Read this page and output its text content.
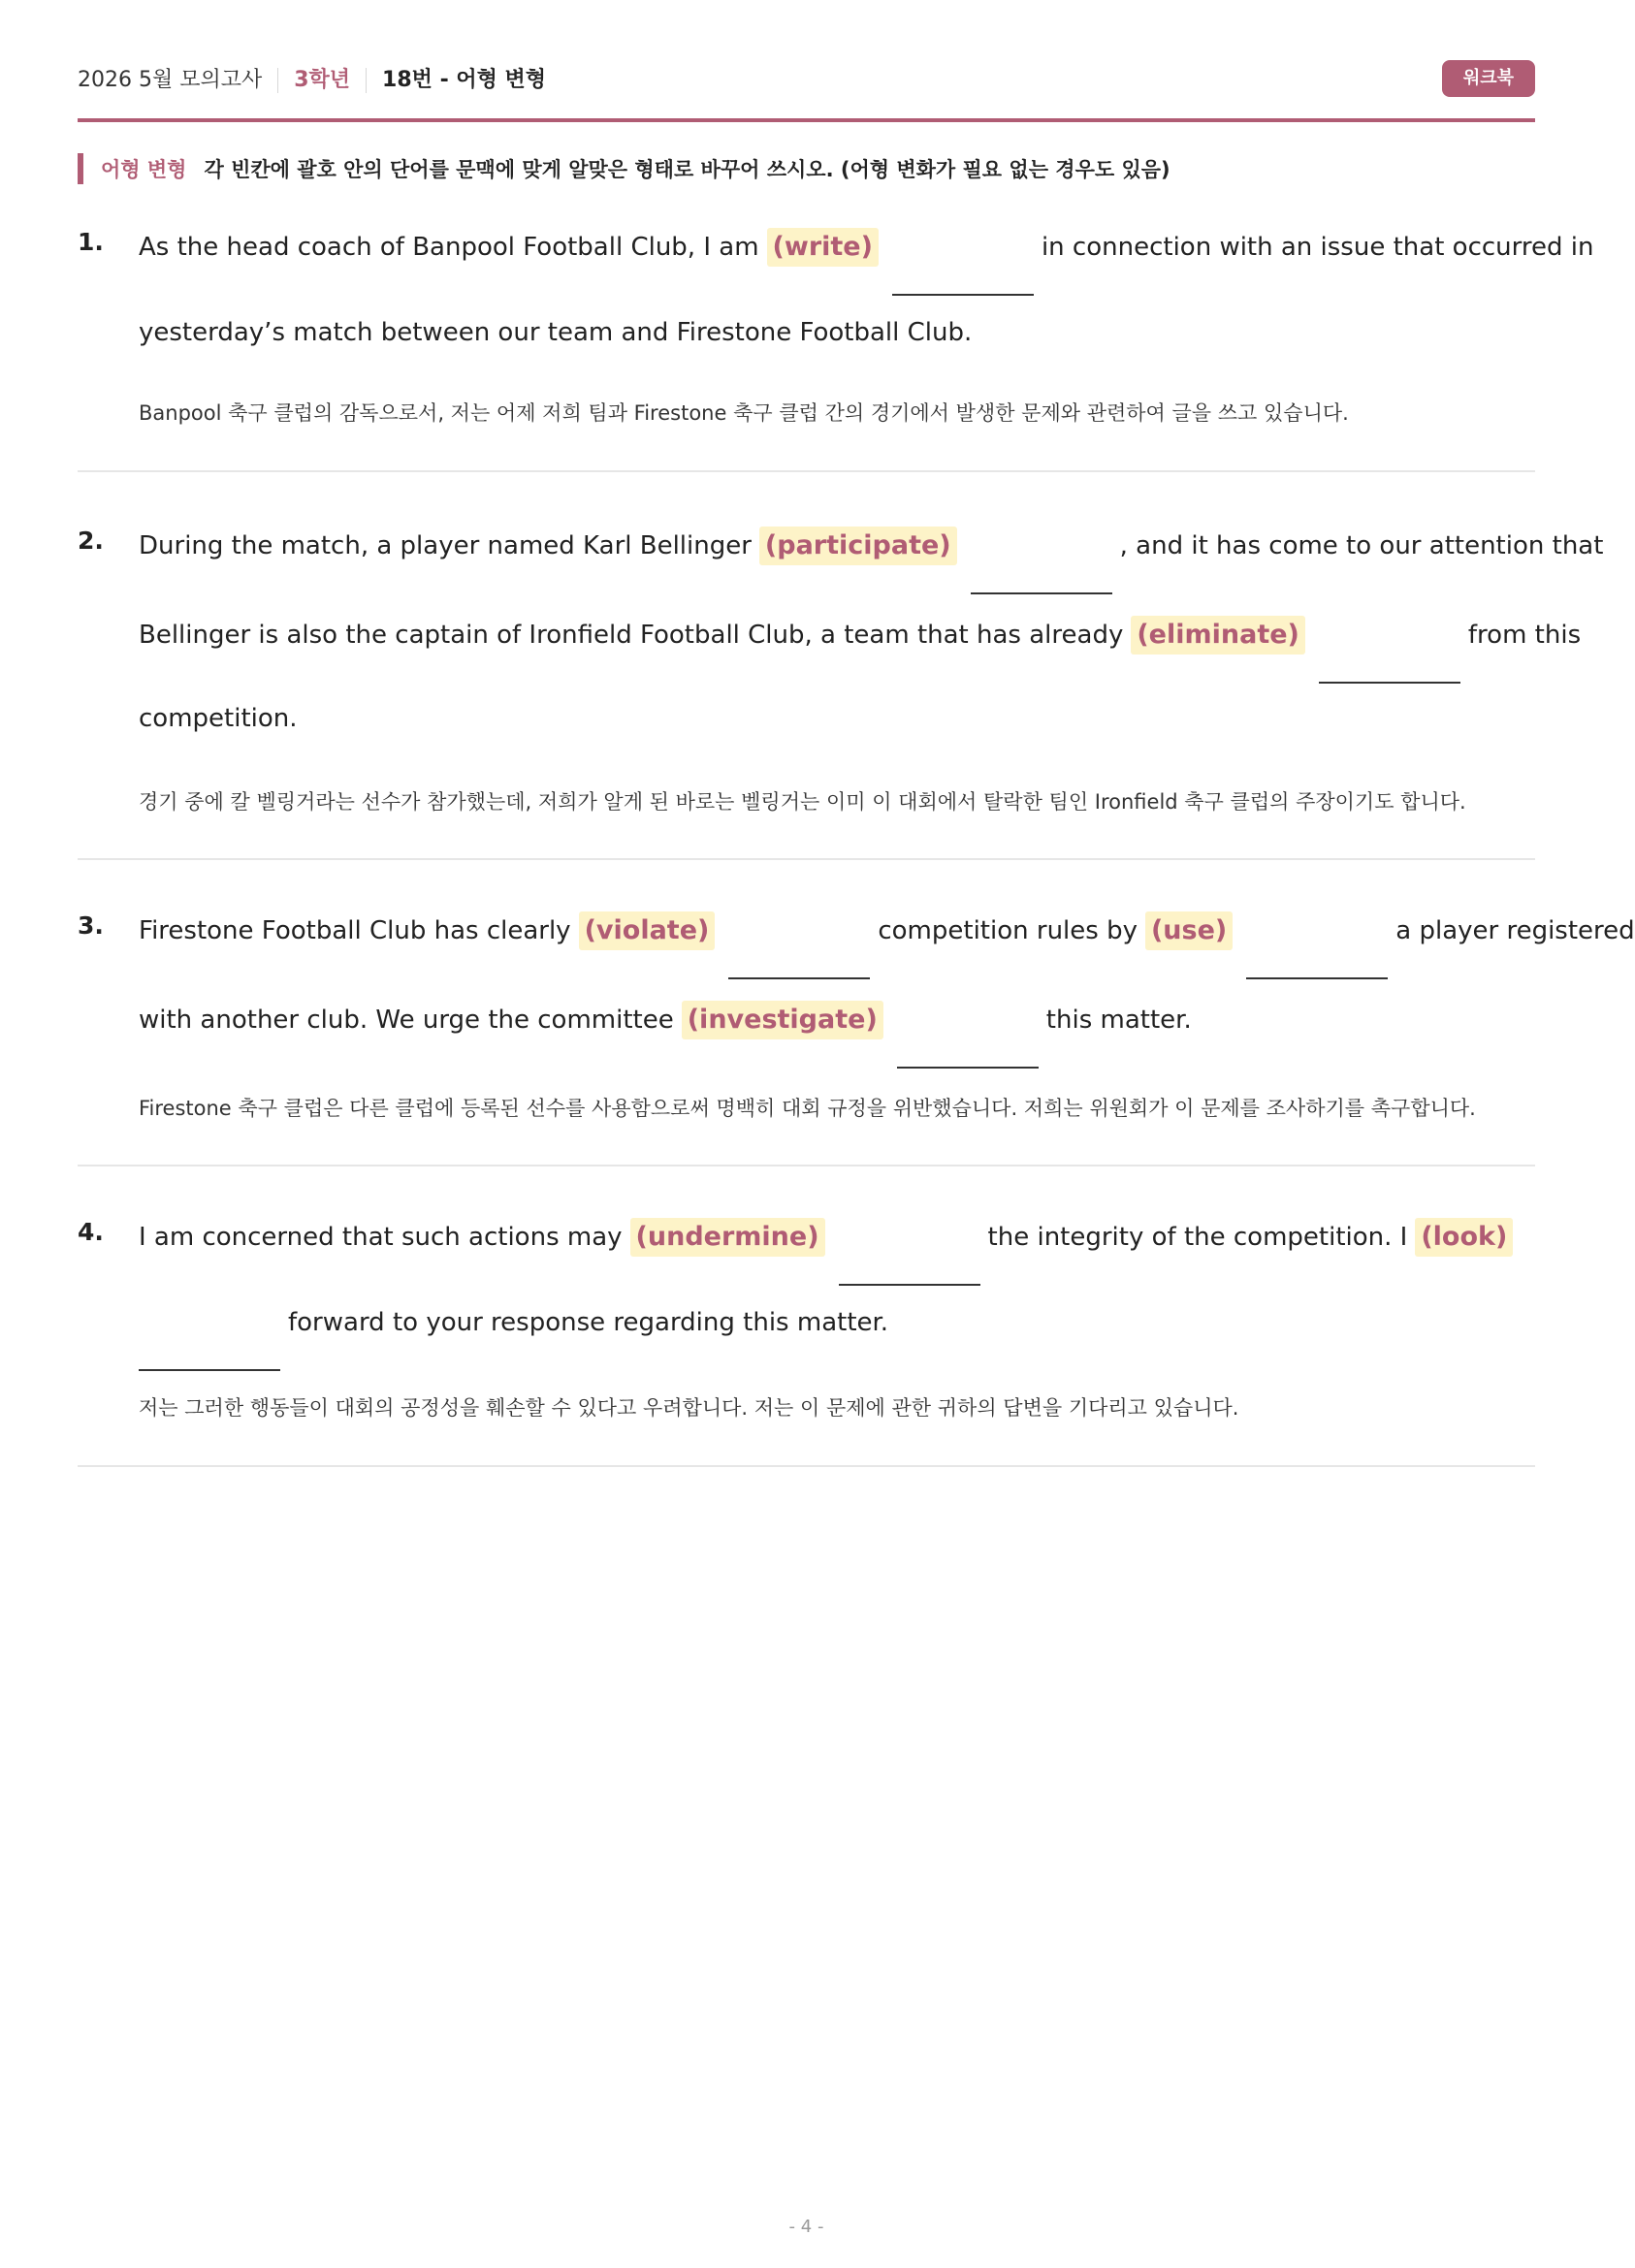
2026 5월 모의고사 3학년 18번 - 어형 변형	워크북
어형 변형 각 빈칸에 괄호 안의 단어를 문맥에 맞게 알맞은 형태로 바꾸어 쓰시오. (어형 변화가 필요 없는 경우도 있음)
1. As the head coach of Banpool Football Club, I am (write)	in connection with an issue that occurred in
yesterday’s match between our team and Firestone Football Club.
Banpool 축구 클럽의 감독으로서, 저는 어제 저희 팀과 Firestone 축구 클럽 간의 경기에서 발생한 문제와 관련하여 글을 쓰고 있습니다.
2. During the match, a player named Karl Bellinger (participate)	, and it has come to our attention that
Bellinger is also the captain of Ironfield Football Club, a team that has already (eliminate)	from this
competition.
경기 중에 칼 벨링거라는 선수가 참가했는데, 저희가 알게 된 바로는 벨링거는 이미 이 대회에서 탈락한 팀인 Ironfield 축구 클럽의 주장이기도 합니다.
3. Firestone Football Club has clearly (violate)	competition rules by (use)	a player registered
with another club. We urge the committee (investigate)	this matter.
Firestone 축구 클럽은 다른 클럽에 등록된 선수를 사용함으로써 명백히 대회 규정을 위반했습니다. 저희는 위원회가 이 문제를 조사하기를 촉구합니다.
4. I am concerned that such actions may (undermine)	the integrity of the competition. I (look)
forward to your response regarding this matter.
저는 그러한 행동들이 대회의 공정성을 훼손할 수 있다고 우려합니다. 저는 이 문제에 관한 귀하의 답변을 기다리고 있습니다.
- 4 -
